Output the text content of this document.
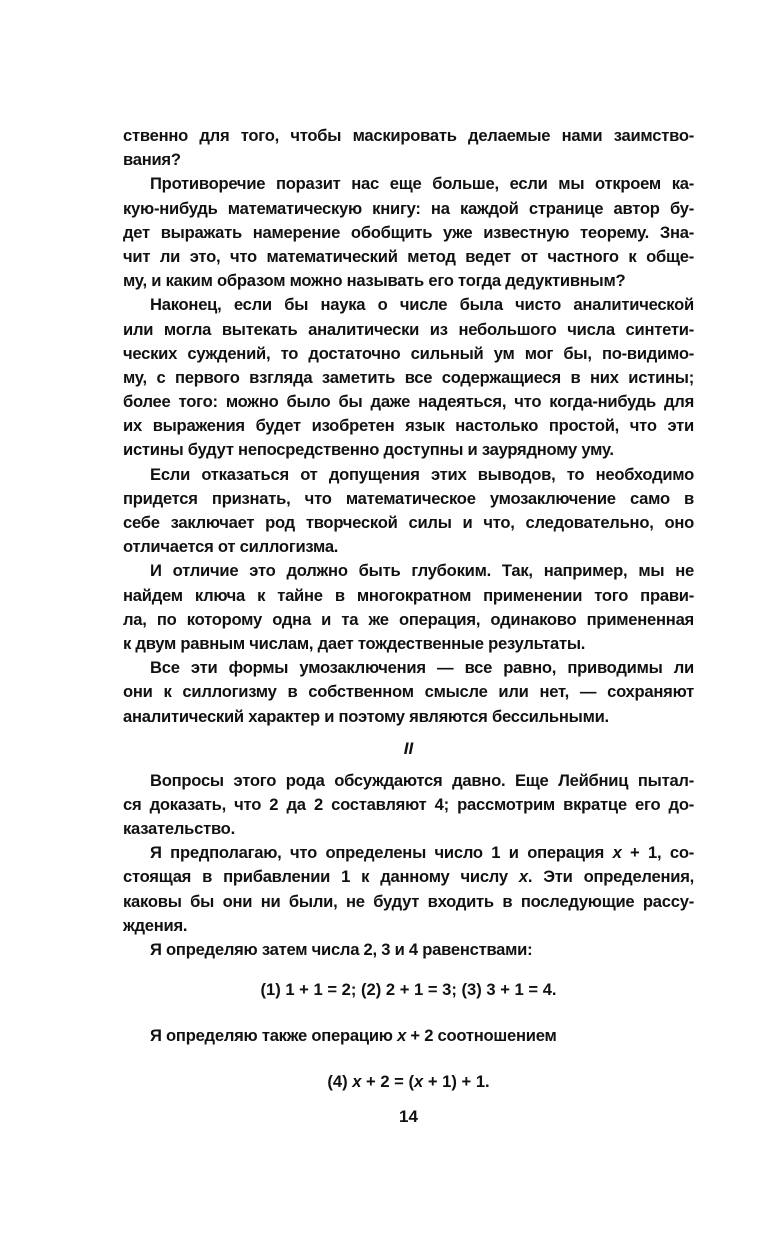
ственно для того, чтобы маскировать делаемые нами заимство-
вания?
Противоречие поразит нас еще больше, если мы откроем ка-
кую-нибудь математическую книгу: на каждой странице автор бу-
дет выражать намерение обобщить уже известную теорему. Зна-
чит ли это, что математический метод ведет от частного к обще-
му, и каким образом можно называть его тогда дедуктивным?
Наконец, если бы наука о числе была чисто аналитической
или могла вытекать аналитически из небольшого числа синтети-
ческих суждений, то достаточно сильный ум мог бы, по-видимо-
му, с первого взгляда заметить все содержащиеся в них истины;
более того: можно было бы даже надеяться, что когда-нибудь для
их выражения будет изобретен язык настолько простой, что эти
истины будут непосредственно доступны и заурядному уму.
Если отказаться от допущения этих выводов, то необходимо
придется признать, что математическое умозаключение само в
себе заключает род творческой силы и что, следовательно, оно
отличается от силлогизма.
И отличие это должно быть глубоким. Так, например, мы не
найдем ключа к тайне в многократном применении того прави-
ла, по которому одна и та же операция, одинаково примененная
к двум равным числам, дает тождественные результаты.
Все эти формы умозаключения — все равно, приводимы ли
они к силлогизму в собственном смысле или нет, — сохраняют
аналитический характер и поэтому являются бессильными.
II
Вопросы этого рода обсуждаются давно. Еще Лейбниц пытал-
ся доказать, что 2 да 2 составляют 4; рассмотрим вкратце его до-
казательство.
Я предполагаю, что определены число 1 и операция x + 1, со-
стоящая в прибавлении 1 к данному числу x. Эти определения,
каковы бы они ни были, не будут входить в последующие рассу-
ждения.
Я определяю затем числа 2, 3 и 4 равенствами:
(1) 1 + 1 = 2; (2) 2 + 1 = 3; (3) 3 + 1 = 4.
Я определяю также операцию x + 2 соотношением
(4) x + 2 = (x + 1) + 1.
14
